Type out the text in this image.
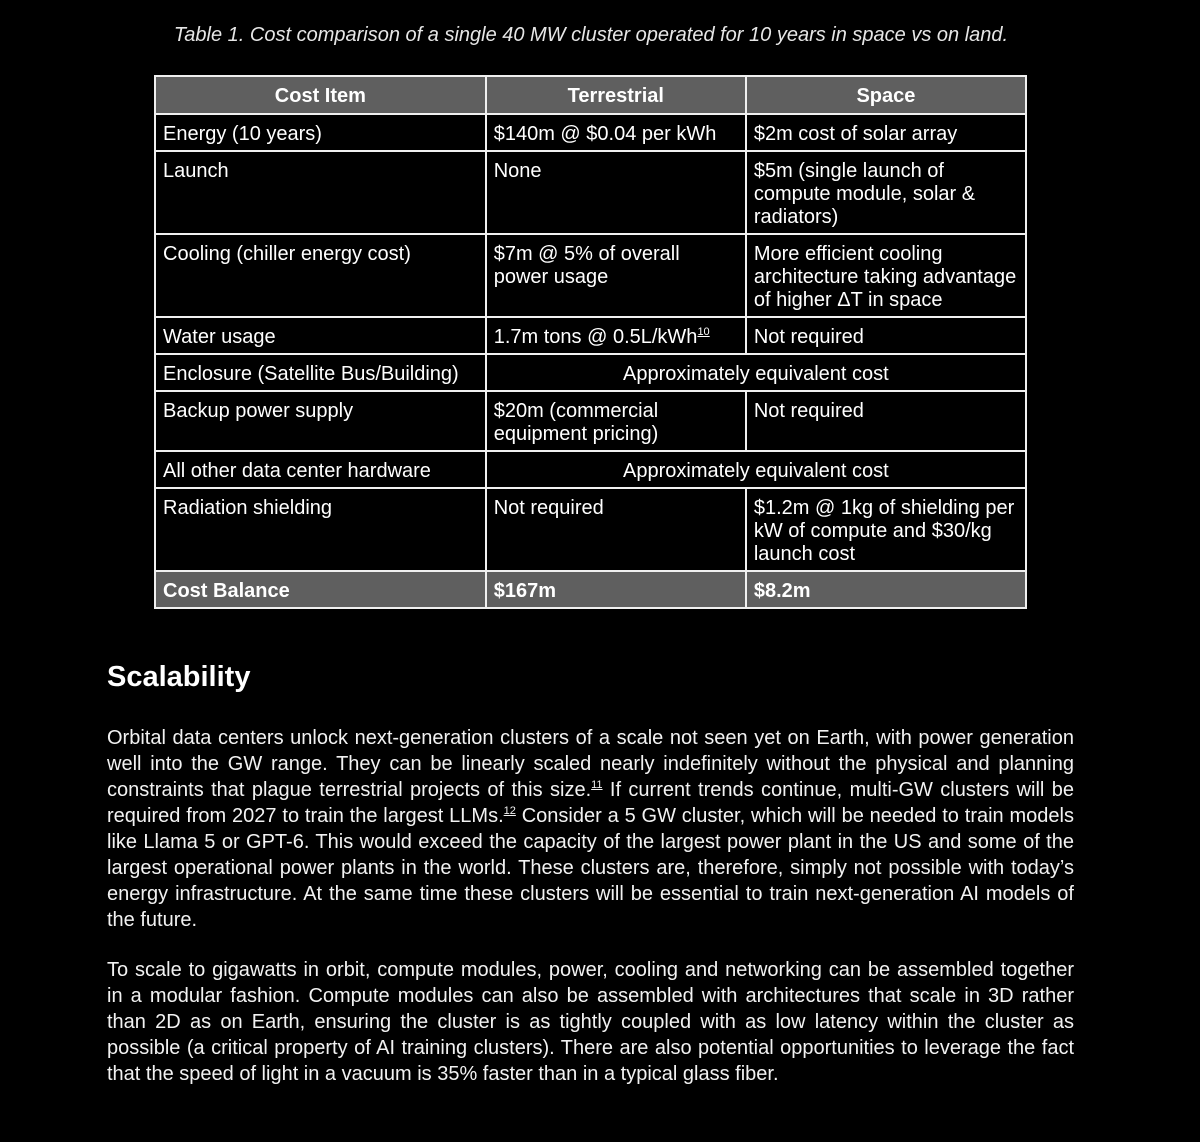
Table 1. Cost comparison of a single 40 MW cluster operated for 10 years in space vs on land.
Cost Item	Terrestrial	Space
Energy (10 years)	$140m @ $0.04 per kWh	$2m cost of solar array
Launch	None	$5m (single launch of compute module, solar & radiators)
Cooling (chiller energy cost)	$7m @ 5% of overall power usage	More efficient cooling architecture taking advantage of higher ΔT in space
Water usage	1.7m tons @ 0.5L/kWh$^{10}$	Not required
Enclosure (Satellite Bus/Building)	Approximately equivalent cost	
Backup power supply	$20m (commercial equipment pricing)	Not required
All other data center hardware	Approximately equivalent cost	
Radiation shielding	Not required	$1.2m @ 1kg of shielding per kW of compute and $30/kg launch cost
Cost Balance	$167m	$8.2m
Scalability

Orbital data centers unlock next-generation clusters of a scale not seen yet on Earth, with power generation well into the GW range. They can be linearly scaled nearly indefinitely without the physical and planning constraints that plague terrestrial projects of this size.$^{11}$ If current trends continue, multi-GW clusters will be required from 2027 to train the largest LLMs.$^{12}$ Consider a 5 GW cluster, which will be needed to train models like Llama 5 or GPT-6. This would exceed the capacity of the largest power plant in the US and some of the largest operational power plants in the world. These clusters are, therefore, simply not possible with today’s energy infrastructure. At the same time these clusters will be essential to train next-generation AI models of the future.

To scale to gigawatts in orbit, compute modules, power, cooling and networking can be assembled together in a modular fashion. Compute modules can also be assembled with architectures that scale in 3D rather than 2D as on Earth, ensuring the cluster is as tightly coupled with as low latency within the cluster as possible (a critical property of AI training clusters). There are also potential opportunities to leverage the fact that the speed of light in a vacuum is 35% faster than in a typical glass fiber.
